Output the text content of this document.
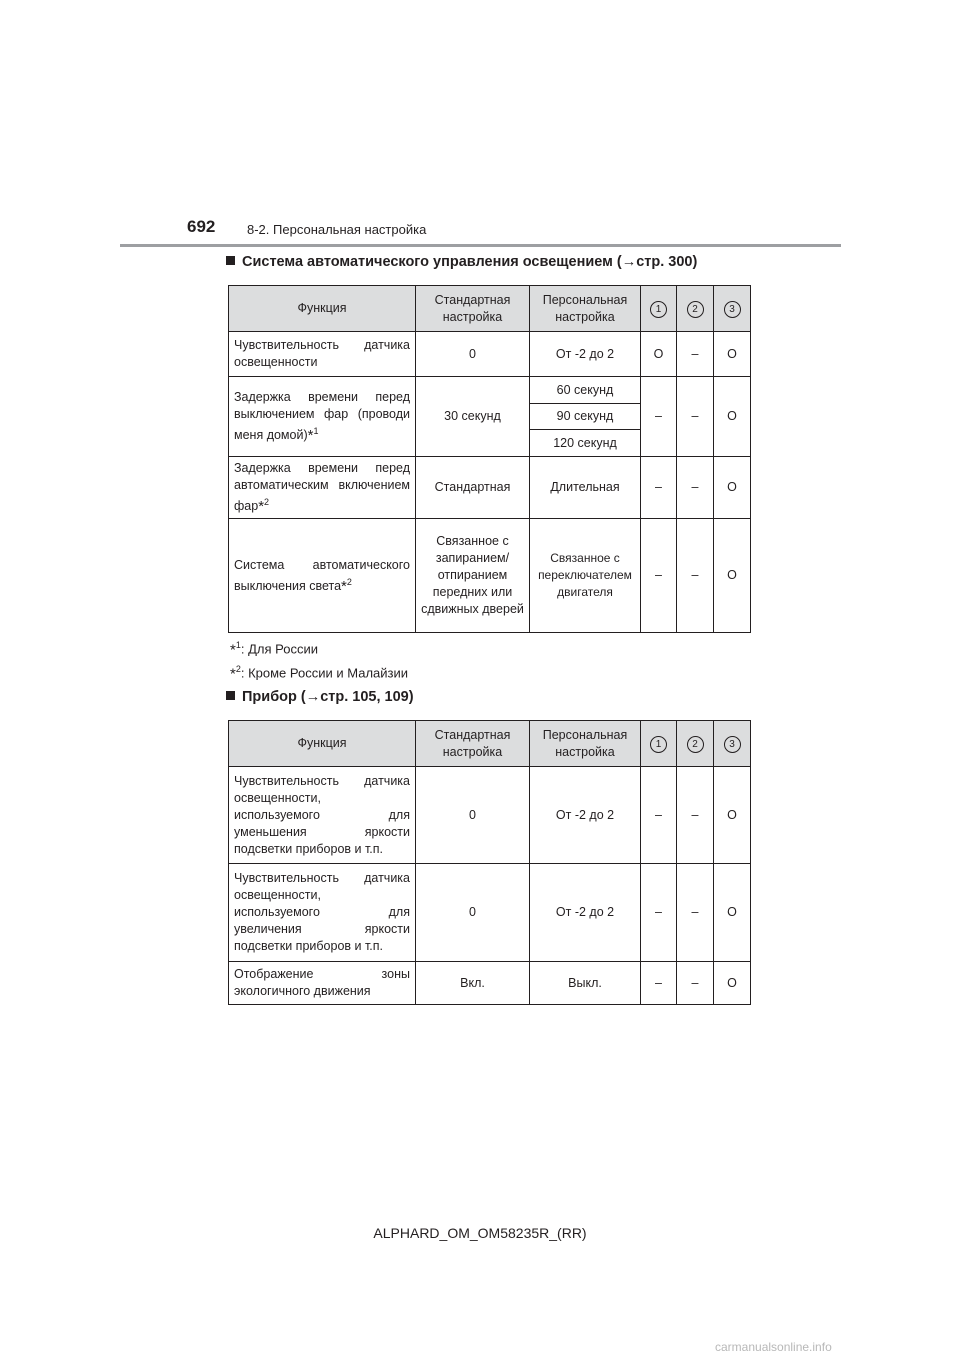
692 8-2. Персональная настройка
Система автоматического управления освещением (→стр. 300)
Функция	Стандартная настройка	Персональная настройка	1	2	3
Чувствительность датчика освещенности	0	От -2 до 2	O	–	O
Задержка времени перед выключением фар (проводи меня домой)*$^1$	30 секунд	60 секунд	–	–	O
		90 секунд			
		120 секунд			
Задержка времени перед автоматическим включением фар*$^2$	Стандартная	Длительная	–	–	O
Система автоматического выключения света*$^2$	Связанное с запиранием/ отпиранием передних или сдвижных дверей	Связанное с переключателем двигателя	–	–	O
*$^1$: Для России
*$^2$: Кроме России и Малайзии
Прибор (→стр. 105, 109)
Функция	Стандартная настройка	Персональная настройка	1	2	3
Чувствительность датчика освещенности, используемого для уменьшения яркости подсветки приборов и т.п.	0	От -2 до 2	–	–	O
Чувствительность датчика освещенности, используемого для увеличения яркости подсветки приборов и т.п.	0	От -2 до 2	–	–	O
Отображение зоны экологичного движения	Вкл.	Выкл.	–	–	O
ALPHARD_OM_OM58235R_(RR)
carmanualsonline.info
